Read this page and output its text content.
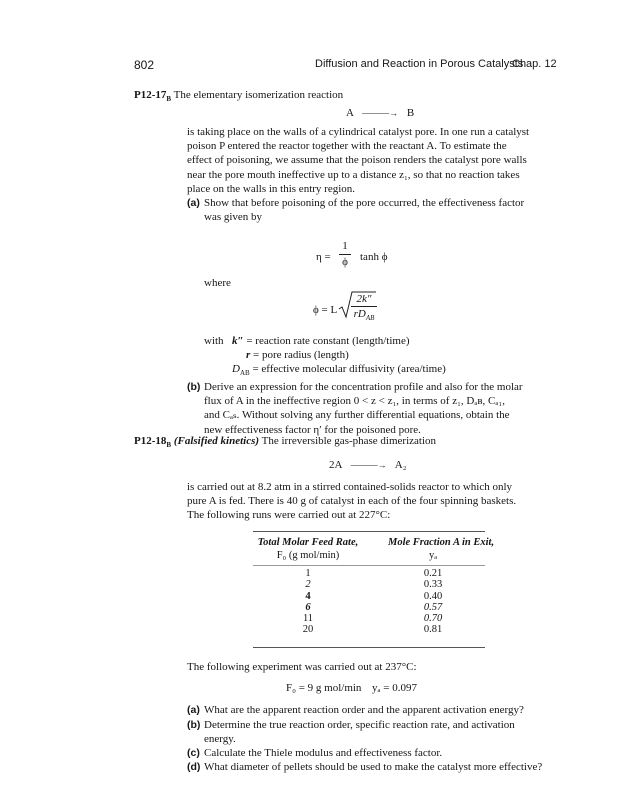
802	Diffusion and Reaction in Porous Catalysts
Chap. 12
$P12-17_B$ The elementary isomerization reaction
A ———→ B
is taking place on the walls of a cylindrical catalyst pore. In one run a catalyst
poison P entered the reactor together with the reactant A. To estimate the
effect of poisoning, we assume that the poison renders the catalyst pore walls
near the pore mouth ineffective up to a distance z₁, so that no reaction takes
place on the walls in this entry region.
(a) Show that before poisoning of the pore occurred, the effectiveness factor
was given by
$\eta = \frac{1}{\phi}$ tanh ϕ
where
ϕ = L
2k″
$rD_{AB}$
with k″ = reaction rate constant (length/time)
r = pore radius (length)
$D_{AB}$ = effective molecular diffusivity (area/time)
(b) Derive an expression for the concentration profile and also for the molar
flux of A in the ineffective region 0 < z < z₁, in terms of z₁, Dₐʙ, Cₐ₁,
and Cₐₛ. Without solving any further differential equations, obtain the
new effectiveness factor η′ for the poisoned pore.
$P12-18_B$ (Falsified kinetics) The irreversible gas-phase dimerization
2A ———→ A₂
is carried out at 8.2 atm in a stirred contained-solids reactor to which only
pure A is fed. There is 40 g of catalyst in each of the four spinning baskets.
The following runs were carried out at 227°C:
Total Molar Feed Rate,
F₀ (g mol/min)
Mole Fraction A in Exit,
yₐ
1	0.21
2	0.33
4	0.40
6	0.57
11	0.70
20	0.81
The following experiment was carried out at 237°C:
F₀ = 9 g mol/min yₐ = 0.097
(a) What are the apparent reaction order and the apparent activation energy?
(b) Determine the true reaction order, specific reaction rate, and activation
energy.
(c) Calculate the Thiele modulus and effectiveness factor.
(d) What diameter of pellets should be used to make the catalyst more effective?
